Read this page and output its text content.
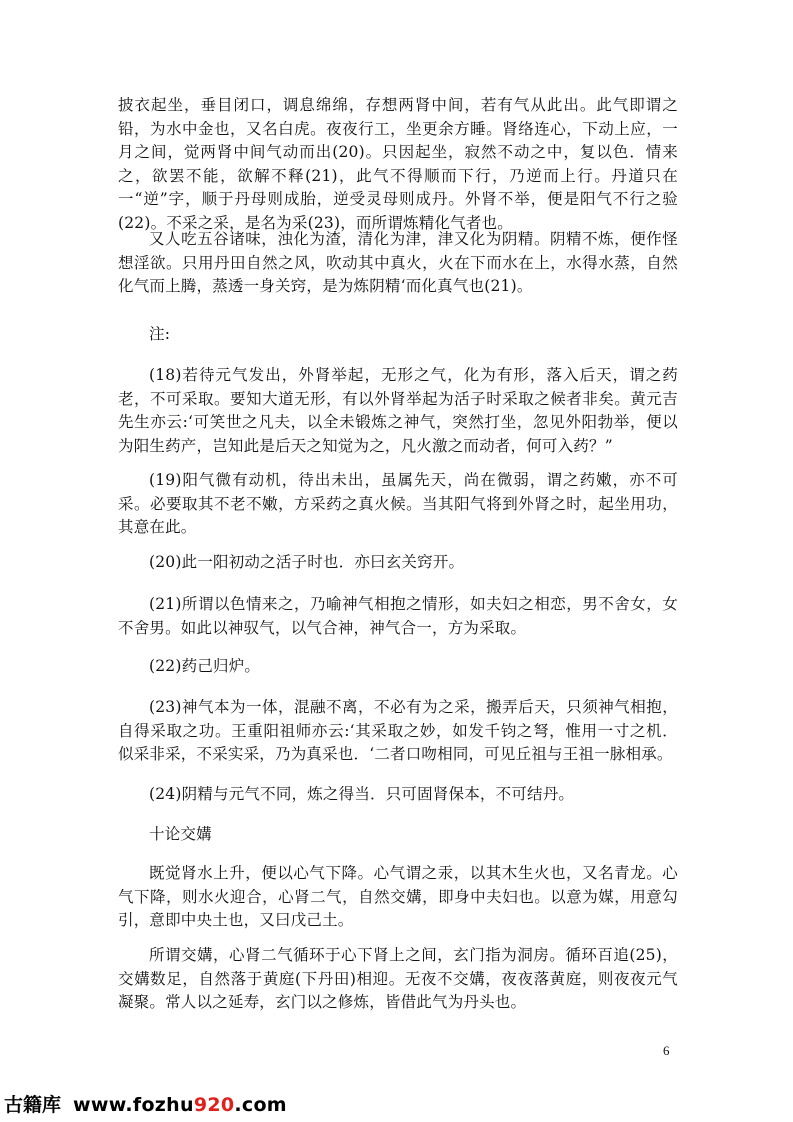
披衣起坐，垂目闭口，调息绵绵，存想两肾中间，若有气从此出。此气即谓之铅，为水中金也，又名白虎。夜夜行工，坐更余方睡。肾络连心，下动上应，一月之间，觉两肾中间气动而出(20)。只因起坐，寂然不动之中，复以色．情来之，欲罢不能，欲解不释(21)，此气不得顺而下行，乃逆而上行。丹道只在一“逆”字，顺于丹母则成胎，逆受灵母则成丹。外肾不举，便是阳气不行之验(22)。不采之采，是名为采(23)，而所谓炼精化气者也。

又人吃五谷诸味，浊化为渣，清化为津，津又化为阴精。阴精不炼，便作怪想淫欲。只用丹田自然之风，吹动其中真火，火在下而水在上，水得水蒸，自然化气而上腾，蒸透一身关窍，是为炼阴精‘而化真气也(21)。

注:

(18)若待元气发出，外肾举起，无形之气，化为有形，落入后天，谓之药老，不可采取。要知大道无形，有以外肾举起为活子时采取之候者非矣。黄元吉先生亦云:‘可笑世之凡夫，以全未锻炼之神气，突然打坐，忽见外阳勃举，便以为阳生药产，岂知此是后天之知觉为之，凡火激之而动者，何可入药？”

(19)阳气微有动机，待出未出，虽属先天，尚在微弱，谓之药嫩，亦不可采。必要取其不老不嫩，方采药之真火候。当其阳气将到外肾之时，起坐用功，其意在此。

(20)此一阳初动之活子时也．亦曰玄关窍开。

(21)所谓以色情来之，乃喻神气相抱之情形，如夫妇之相恋，男不舍女，女不舍男。如此以神驭气，以气合神，神气合一，方为采取。

(22)药己归炉。

(23)神气本为一体，混融不离，不必有为之采，搬弄后天，只须神气相抱，自得采取之功。王重阳祖师亦云:‘其采取之妙，如发千钧之弩，惟用一寸之机．似采非采，不采实采，乃为真采也．‘二者口吻相同，可见丘祖与王祖一脉相承。

(24)阴精与元气不同，炼之得当．只可固肾保本，不可结丹。

十论交媾

既觉肾水上升，便以心气下降。心气谓之汞，以其木生火也，又名青龙。心气下降，则水火迎合，心肾二气，自然交媾，即身中夫妇也。以意为媒，用意勾引，意即中央土也，又曰戊己土。

所谓交媾，心肾二气循环于心下肾上之间，玄门指为洞房。循环百追(25)，交媾数足，自然落于黄庭(下丹田)相迎。无夜不交媾，夜夜落黄庭，则夜夜元气凝聚。常人以之延寿，玄门以之修炼，皆借此气为丹头也。

6
古籍库 www.fozhu920.com
